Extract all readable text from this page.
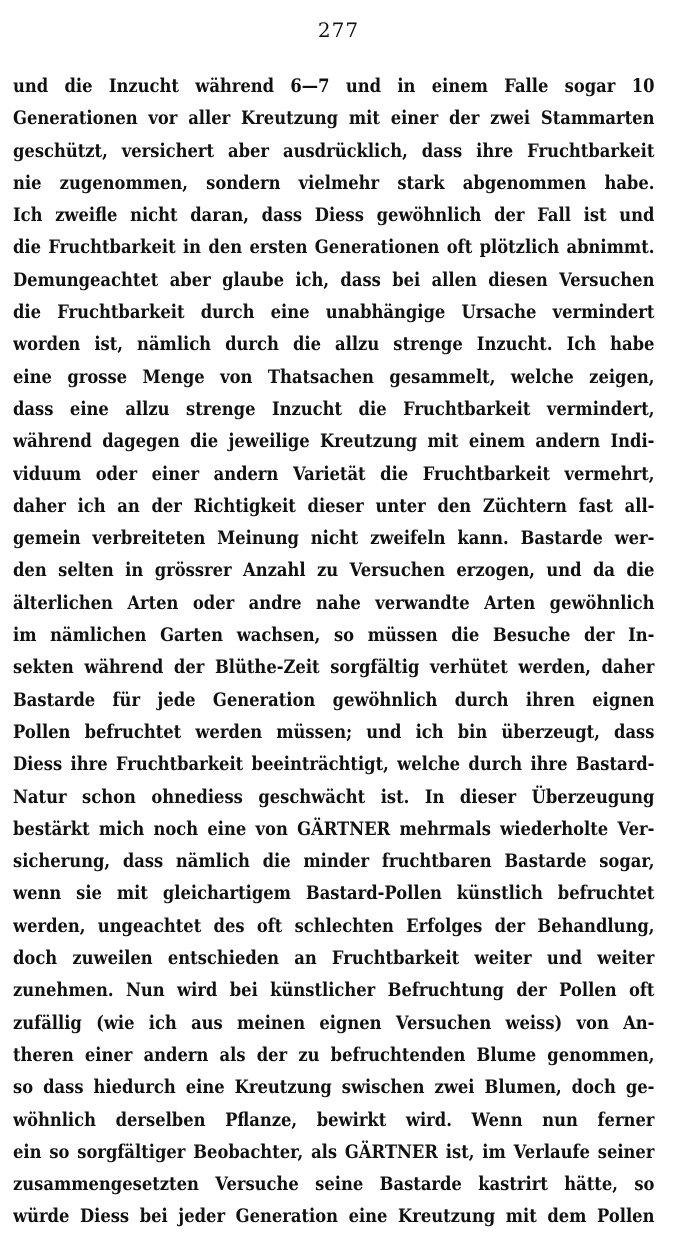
277
und die Inzucht während 6—7 und in einem Falle sogar 10
Generationen vor aller Kreutzung mit einer der zwei Stammarten
geschützt, versichert aber ausdrücklich, dass ihre Fruchtbarkeit
nie zugenommen, sondern vielmehr stark abgenommen habe.
Ich zweifle nicht daran, dass Diess gewöhnlich der Fall ist und
die Fruchtbarkeit in den ersten Generationen oft plötzlich abnimmt.
Demungeachtet aber glaube ich, dass bei allen diesen Versuchen
die Fruchtbarkeit durch eine unabhängige Ursache vermindert
worden ist, nämlich durch die allzu strenge Inzucht. Ich habe
eine grosse Menge von Thatsachen gesammelt, welche zeigen,
dass eine allzu strenge Inzucht die Fruchtbarkeit vermindert,
während dagegen die jeweilige Kreutzung mit einem andern Indi-
viduum oder einer andern Varietät die Fruchtbarkeit vermehrt,
daher ich an der Richtigkeit dieser unter den Züchtern fast all-
gemein verbreiteten Meinung nicht zweifeln kann. Bastarde wer-
den selten in grössrer Anzahl zu Versuchen erzogen, und da die
älterlichen Arten oder andre nahe verwandte Arten gewöhnlich
im nämlichen Garten wachsen, so müssen die Besuche der In-
sekten während der Blüthe-Zeit sorgfältig verhütet werden, daher
Bastarde für jede Generation gewöhnlich durch ihren eignen
Pollen befruchtet werden müssen; und ich bin überzeugt, dass
Diess ihre Fruchtbarkeit beeinträchtigt, welche durch ihre Bastard-
Natur schon ohnediess geschwächt ist. In dieser Überzeugung
bestärkt mich noch eine von GÄRTNER mehrmals wiederholte Ver-
sicherung, dass nämlich die minder fruchtbaren Bastarde sogar,
wenn sie mit gleichartigem Bastard-Pollen künstlich befruchtet
werden, ungeachtet des oft schlechten Erfolges der Behandlung,
doch zuweilen entschieden an Fruchtbarkeit weiter und weiter
zunehmen. Nun wird bei künstlicher Befruchtung der Pollen oft
zufällig (wie ich aus meinen eignen Versuchen weiss) von An-
theren einer andern als der zu befruchtenden Blume genommen,
so dass hiedurch eine Kreutzung swischen zwei Blumen, doch ge-
wöhnlich derselben Pflanze, bewirkt wird. Wenn nun ferner
ein so sorgfältiger Beobachter, als GÄRTNER ist, im Verlaufe seiner
zusammengesetzten Versuche seine Bastarde kastrirt hätte, so
würde Diess bei jeder Generation eine Kreutzung mit dem Pollen
